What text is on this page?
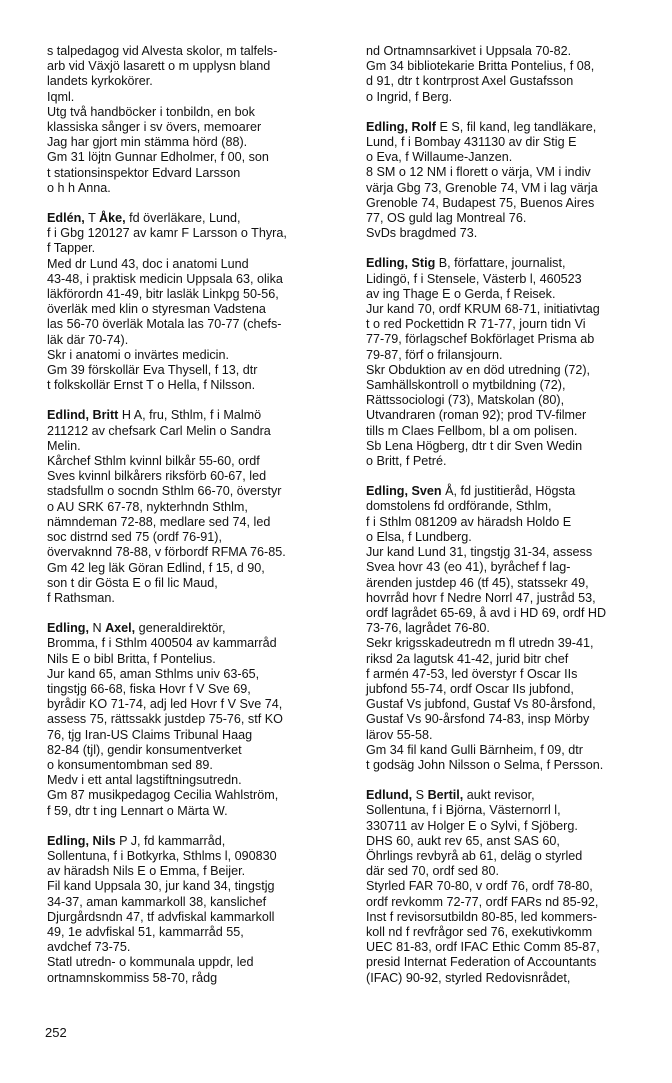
s talpedagog vid Alvesta skolor, m talfels-

arb vid Växjö lasarett o m upplysn bland

landets kyrkokörer.

Iqml.

Utg två handböcker i tonbildn, en bok

klassiska sånger i sv övers, memoarer

Jag har gjort min stämma hörd (88).

Gm 31 löjtn Gunnar Edholmer, f 00, son

t stationsinspektor Edvard Larsson

o h h Anna.

Edlén, T Åke, fd överläkare, Lund,

f i Gbg 120127 av kamr F Larsson o Thyra,

f Tapper.

Med dr Lund 43, doc i anatomi Lund

43-48, i praktisk medicin Uppsala 63, olika

läkförordn 41-49, bitr lasläk Linkpg 50-56,

överläk med klin o styresman Vadstena

las 56-70 överläk Motala las 70-77 (chefs-

läk där 70-74).

Skr i anatomi o invärtes medicin.

Gm 39 förskollär Eva Thysell, f 13, dtr

t folkskollär Ernst T o Hella, f Nilsson.

Edlind, Britt H A, fru, Sthlm, f i Malmö

211212 av chefsark Carl Melin o Sandra

Melin.

Kårchef Sthlm kvinnl bilkår 55-60, ordf

Sves kvinnl bilkårers riksförb 60-67, led

stadsfullm o socndn Sthlm 66-70, överstyr

o AU SRK 67-78, nykterhndn Sthlm,

nämndeman 72-88, medlare sed 74, led

soc distrnd sed 75 (ordf 76-91),

övervaknnd 78-88, v förbordf RFMA 76-85.

Gm 42 leg läk Göran Edlind, f 15, d 90,

son t dir Gösta E o fil lic Maud,

f Rathsman.

Edling, N Axel, generaldirektör,

Bromma, f i Sthlm 400504 av kammarråd

Nils E o bibl Britta, f Pontelius.

Jur kand 65, aman Sthlms univ 63-65,

tingstjg 66-68, fiska Hovr f V Sve 69,

byrådir KO 71-74, adj led Hovr f V Sve 74,

assess 75, rättssakk justdep 75-76, stf KO

76, tjg Iran-US Claims Tribunal Haag

82-84 (tjl), gendir konsumentverket

o konsumentombman sed 89.

Medv i ett antal lagstiftningsutredn.

Gm 87 musikpedagog Cecilia Wahlström,

f 59, dtr t ing Lennart o Märta W.

Edling, Nils P J, fd kammarråd,

Sollentuna, f i Botkyrka, Sthlms l, 090830

av häradsh Nils E o Emma, f Beijer.

Fil kand Uppsala 30, jur kand 34, tingstjg

34-37, aman kammarkoll 38, kanslichef

Djurgårdsndn 47, tf advfiskal kammarkoll

49, 1e advfiskal 51, kammarråd 55,

avdchef 73-75.

Statl utredn- o kommunala uppdr, led

ortnamnskommiss 58-70, rådg

nd Ortnamnsarkivet i Uppsala 70-82.

Gm 34 bibliotekarie Britta Pontelius, f 08,

d 91, dtr t kontrprost Axel Gustafsson

o Ingrid, f Berg.

Edling, Rolf E S, fil kand, leg tandläkare,

Lund, f i Bombay 431130 av dir Stig E

o Eva, f Willaume-Janzen.

8 SM o 12 NM i florett o värja, VM i indiv

värja Gbg 73, Grenoble 74, VM i lag värja

Grenoble 74, Budapest 75, Buenos Aires

77, OS guld lag Montreal 76.

SvDs bragdmed 73.

Edling, Stig B, författare, journalist,

Lidingö, f i Stensele, Västerb l, 460523

av ing Thage E o Gerda, f Reisek.

Jur kand 70, ordf KRUM 68-71, initiativtag

t o red Pockettidn R 71-77, journ tidn Vi

77-79, förlagschef Bokförlaget Prisma ab

79-87, förf o frilansjourn.

Skr Obduktion av en död utredning (72),

Samhällskontroll o mytbildning (72),

Rättssociologi (73), Matskolan (80),

Utvandraren (roman 92); prod TV-filmer

tills m Claes Fellbom, bl a om polisen.

Sb Lena Högberg, dtr t dir Sven Wedin

o Britt, f Petré.

Edling, Sven Å, fd justitieråd, Högsta

domstolens fd ordförande, Sthlm,

f i Sthlm 081209 av häradsh Holdo E

o Elsa, f Lundberg.

Jur kand Lund 31, tingstjg 31-34, assess

Svea hovr 43 (eo 41), byråchef f lag-

ärenden justdep 46 (tf 45), statssekr 49,

hovrråd hovr f Nedre Norrl 47, justråd 53,

ordf lagrådet 65-69, å avd i HD 69, ordf HD

73-76, lagrådet 76-80.

Sekr krigsskadeutredn m fl utredn 39-41,

riksd 2a lagutsk 41-42, jurid bitr chef

f armén 47-53, led överstyr f Oscar IIs

jubfond 55-74, ordf Oscar IIs jubfond,

Gustaf Vs jubfond, Gustaf Vs 80-årsfond,

Gustaf Vs 90-årsfond 74-83, insp Mörby

lärov 55-58.

Gm 34 fil kand Gulli Bärnheim, f 09, dtr

t godsäg John Nilsson o Selma, f Persson.

Edlund, S Bertil, aukt revisor,

Sollentuna, f i Björna, Västernorrl l,

330711 av Holger E o Sylvi, f Sjöberg.

DHS 60, aukt rev 65, anst SAS 60,

Öhrlings revbyrå ab 61, deläg o styrled

där sed 70, ordf sed 80.

Styrled FAR 70-80, v ordf 76, ordf 78-80,

ordf revkomm 72-77, ordf FARs nd 85-92,

Inst f revisorsutbildn 80-85, led kommers-

koll nd f revfrågor sed 76, exekutivkomm

UEC 81-83, ordf IFAC Ethic Comm 85-87,

presid Internat Federation of Accountants

(IFAC) 90-92, styrled Redovisnrådet,

252
